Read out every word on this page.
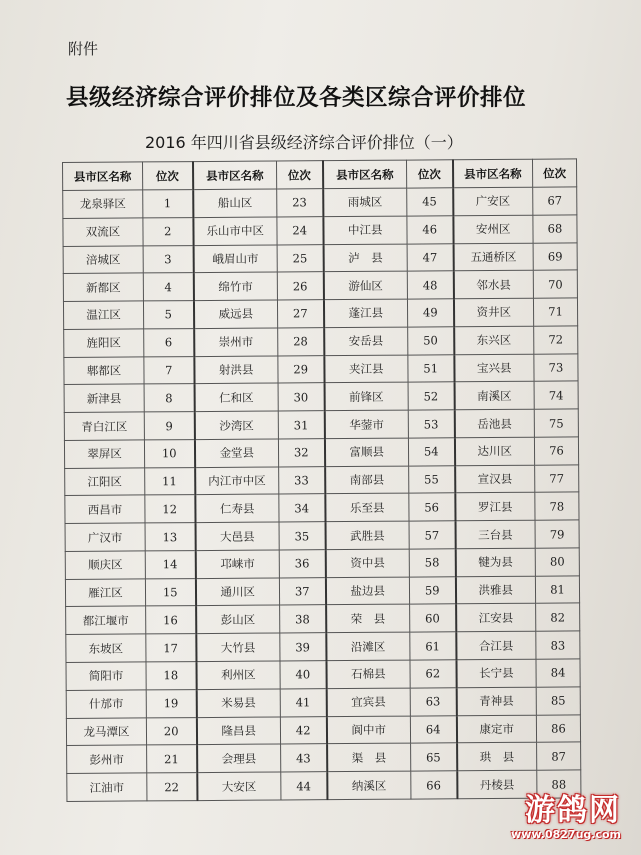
附件
县级经济综合评价排位及各类区综合评价排位
2016 年四川省县级经济综合评价排位（一）
县市区名称	位次	县市区名称	位次	县市区名称	位次	县市区名称	位次
龙泉驿区	1	船山区	23	雨城区	45	广安区	67
双流区	2	乐山市中区	24	中江县	46	安州区	68
涪城区	3	峨眉山市	25	泸　县	47	五通桥区	69
新都区	4	绵竹市	26	游仙区	48	邻水县	70
温江区	5	威远县	27	蓬江县	49	资井区	71
旌阳区	6	崇州市	28	安岳县	50	东兴区	72
郫都区	7	射洪县	29	夹江县	51	宝兴县	73
新津县	8	仁和区	30	前锋区	52	南溪区	74
青白江区	9	沙湾区	31	华蓥市	53	岳池县	75
翠屏区	10	金堂县	32	富顺县	54	达川区	76
江阳区	11	内江市中区	33	南部县	55	宣汉县	77
西昌市	12	仁寿县	34	乐至县	56	罗江县	78
广汉市	13	大邑县	35	武胜县	57	三台县	79
顺庆区	14	邛崃市	36	资中县	58	犍为县	80
雁江区	15	通川区	37	盐边县	59	洪雅县	81
都江堰市	16	彭山区	38	荣　县	60	江安县	82
东坡区	17	大竹县	39	沿滩区	61	合江县	83
简阳市	18	利州区	40	石棉县	62	长宁县	84
什邡市	19	米易县	41	宜宾县	63	青神县	85
龙马潭区	20	隆昌县	42	阆中市	64	康定市	86
彭州市	21	会理县	43	渠　县	65	珙　县	87
江油市	22	大安区	44	纳溪区	66	丹棱县	88
游鸽网
www.0827ug.com
